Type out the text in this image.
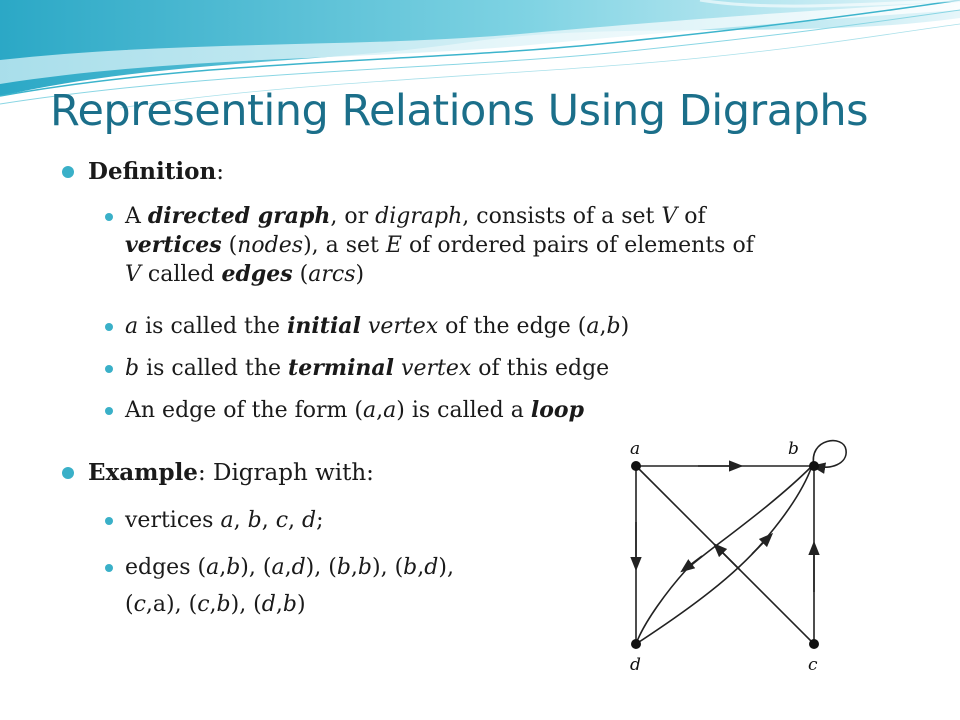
Representing Relations Using Digraphs
Definition:
A directed graph, or digraph, consists of a set V of
vertices (nodes), a set E of ordered pairs of elements of
V called edges (arcs)
a is called the initial vertex of the edge (a,b)
b is called the terminal vertex of this edge
An edge of the form (a,a) is called a loop
Example: Digraph with:
vertices a, b, c, d;
edges (a,b), (a,d), (b,b), (b,d),

(c,a), (c,b), (d,b)
a	b
c
d
